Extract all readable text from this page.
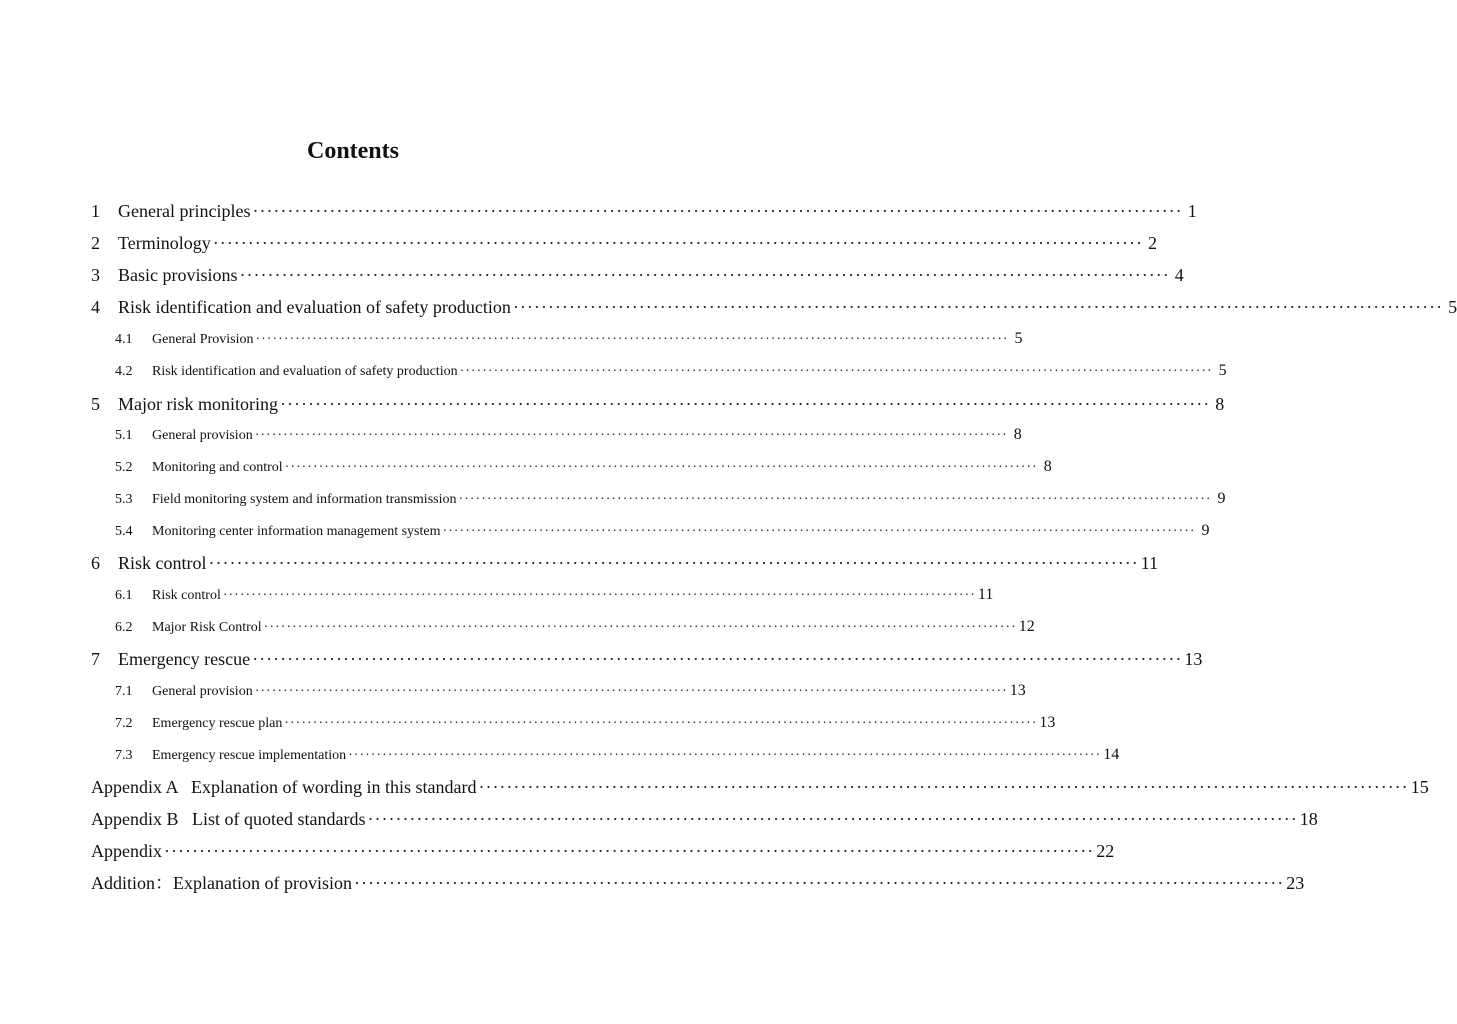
Contents
1	General principles ·····	1
2	Terminology ·····	2
3	Basic provisions ·····	4
4	Risk identification and evaluation of safety production ·····	5
4.1	General Provision ·····	5
4.2	Risk identification and evaluation of safety production ·····	5
5	Major risk monitoring ·····	8
5.1	General provision ·····	8
5.2	Monitoring and control ·····	8
5.3	Field monitoring system and information transmission ·····	9
5.4	Monitoring center information management system ·····	9
6	Risk control ·····	11
6.1	Risk control ·····	11
6.2	Major Risk Control ·····	12
7	Emergency rescue ·····	13
7.1	General provision ·····	13
7.2	Emergency rescue plan ·····	13
7.3	Emergency rescue implementation ·····	14
Appendix A   Explanation of wording in this standard ·····	15
Appendix B   List of quoted standards ·····	18
Appendix ·····	22
Addition：Explanation of provision ·····	23
